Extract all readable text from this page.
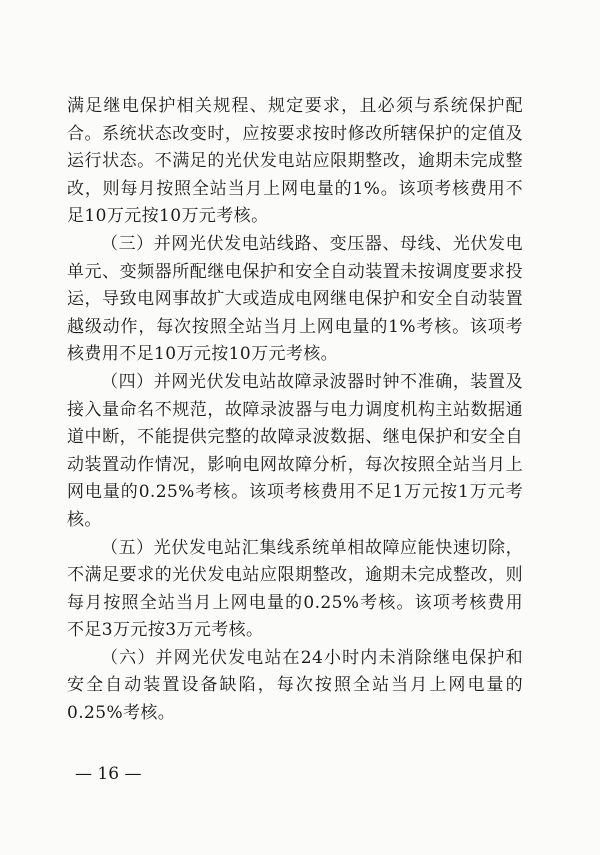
满足继电保护相关规程、规定要求，且必须与系统保护配合。系统状态改变时，应按要求按时修改所辖保护的定值及运行状态。不满足的光伏发电站应限期整改，逾期未完成整改，则每月按照全站当月上网电量的1%。该项考核费用不足10万元按10万元考核。

（三）并网光伏发电站线路、变压器、母线、光伏发电单元、变频器所配继电保护和安全自动装置未按调度要求投运，导致电网事故扩大或造成电网继电保护和安全自动装置越级动作，每次按照全站当月上网电量的1%考核。该项考核费用不足10万元按10万元考核。

（四）并网光伏发电站故障录波器时钟不准确，装置及接入量命名不规范，故障录波器与电力调度机构主站数据通道中断，不能提供完整的故障录波数据、继电保护和安全自动装置动作情况，影响电网故障分析，每次按照全站当月上网电量的0.25%考核。该项考核费用不足1万元按1万元考核。

（五）光伏发电站汇集线系统单相故障应能快速切除，不满足要求的光伏发电站应限期整改，逾期未完成整改，则每月按照全站当月上网电量的0.25%考核。该项考核费用不足3万元按3万元考核。

（六）并网光伏发电站在24小时内未消除继电保护和安全自动装置设备缺陷，每次按照全站当月上网电量的0.25%考核。

— 16 —
